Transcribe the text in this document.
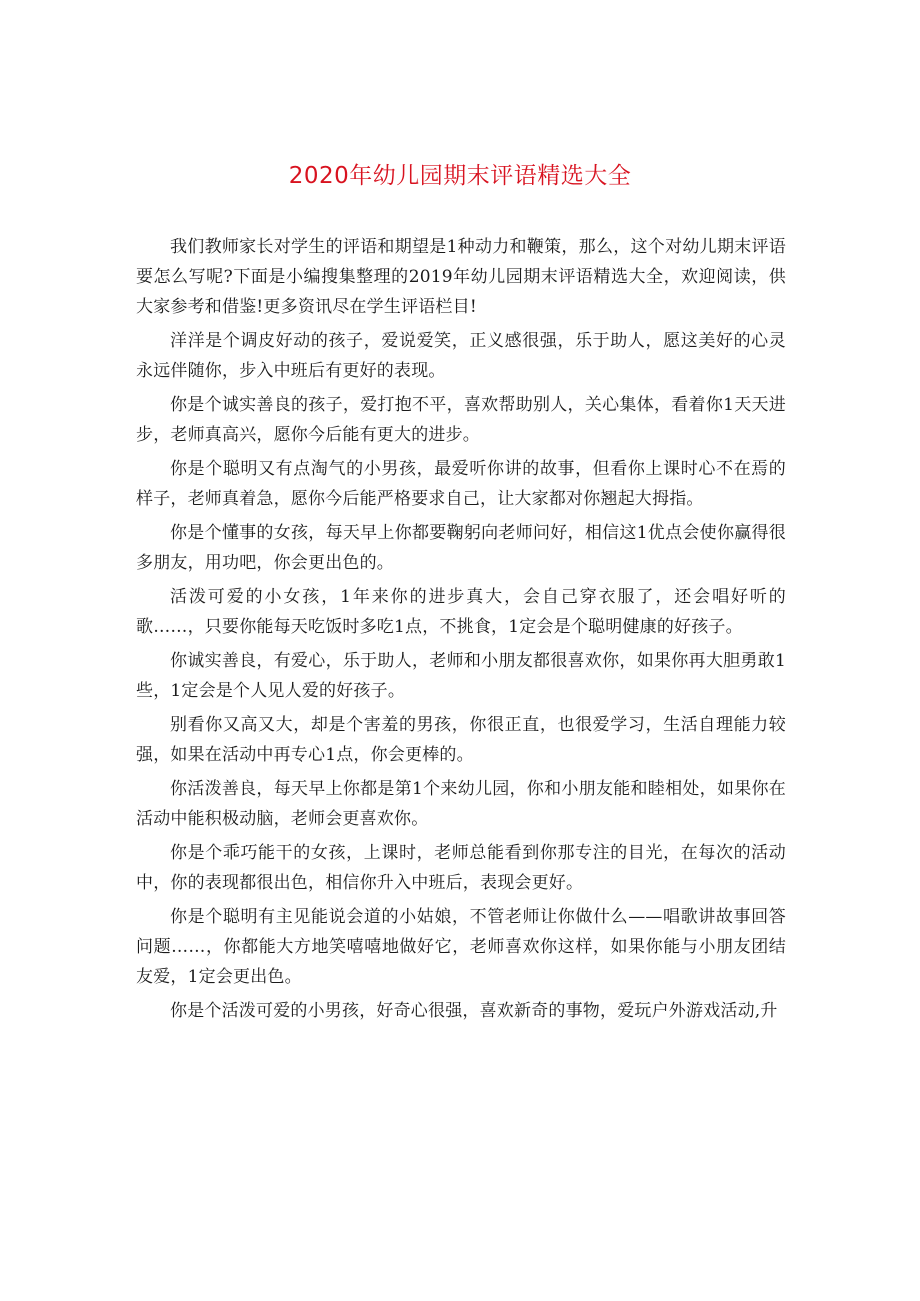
2020年幼儿园期末评语精选大全

我们教师家长对学生的评语和期望是1种动力和鞭策，那么，这个对幼儿期末评语要怎么写呢?下面是小编搜集整理的2019年幼儿园期末评语精选大全，欢迎阅读，供大家参考和借鉴!更多资讯尽在学生评语栏目!

洋洋是个调皮好动的孩子，爱说爱笑，正义感很强，乐于助人，愿这美好的心灵永远伴随你，步入中班后有更好的表现。

你是个诚实善良的孩子，爱打抱不平，喜欢帮助别人，关心集体，看着你1天天进步，老师真高兴，愿你今后能有更大的进步。

你是个聪明又有点淘气的小男孩，最爱听你讲的故事，但看你上课时心不在焉的样子，老师真着急，愿你今后能严格要求自己，让大家都对你翘起大拇指。

你是个懂事的女孩，每天早上你都要鞠躬向老师问好，相信这1优点会使你赢得很多朋友，用功吧，你会更出色的。

活泼可爱的小女孩，1年来你的进步真大，会自己穿衣服了，还会唱好听的歌……，只要你能每天吃饭时多吃1点，不挑食，1定会是个聪明健康的好孩子。

你诚实善良，有爱心，乐于助人，老师和小朋友都很喜欢你，如果你再大胆勇敢1些，1定会是个人见人爱的好孩子。

别看你又高又大，却是个害羞的男孩，你很正直，也很爱学习，生活自理能力较强，如果在活动中再专心1点，你会更棒的。

你活泼善良，每天早上你都是第1个来幼儿园，你和小朋友能和睦相处，如果你在活动中能积极动脑，老师会更喜欢你。

你是个乖巧能干的女孩，上课时，老师总能看到你那专注的目光，在每次的活动中，你的表现都很出色，相信你升入中班后，表现会更好。

你是个聪明有主见能说会道的小姑娘，不管老师让你做什么——唱歌讲故事回答问题……，你都能大方地笑嘻嘻地做好它，老师喜欢你这样，如果你能与小朋友团结友爱，1定会更出色。

你是个活泼可爱的小男孩，好奇心很强，喜欢新奇的事物，爱玩户外游戏活动,升
